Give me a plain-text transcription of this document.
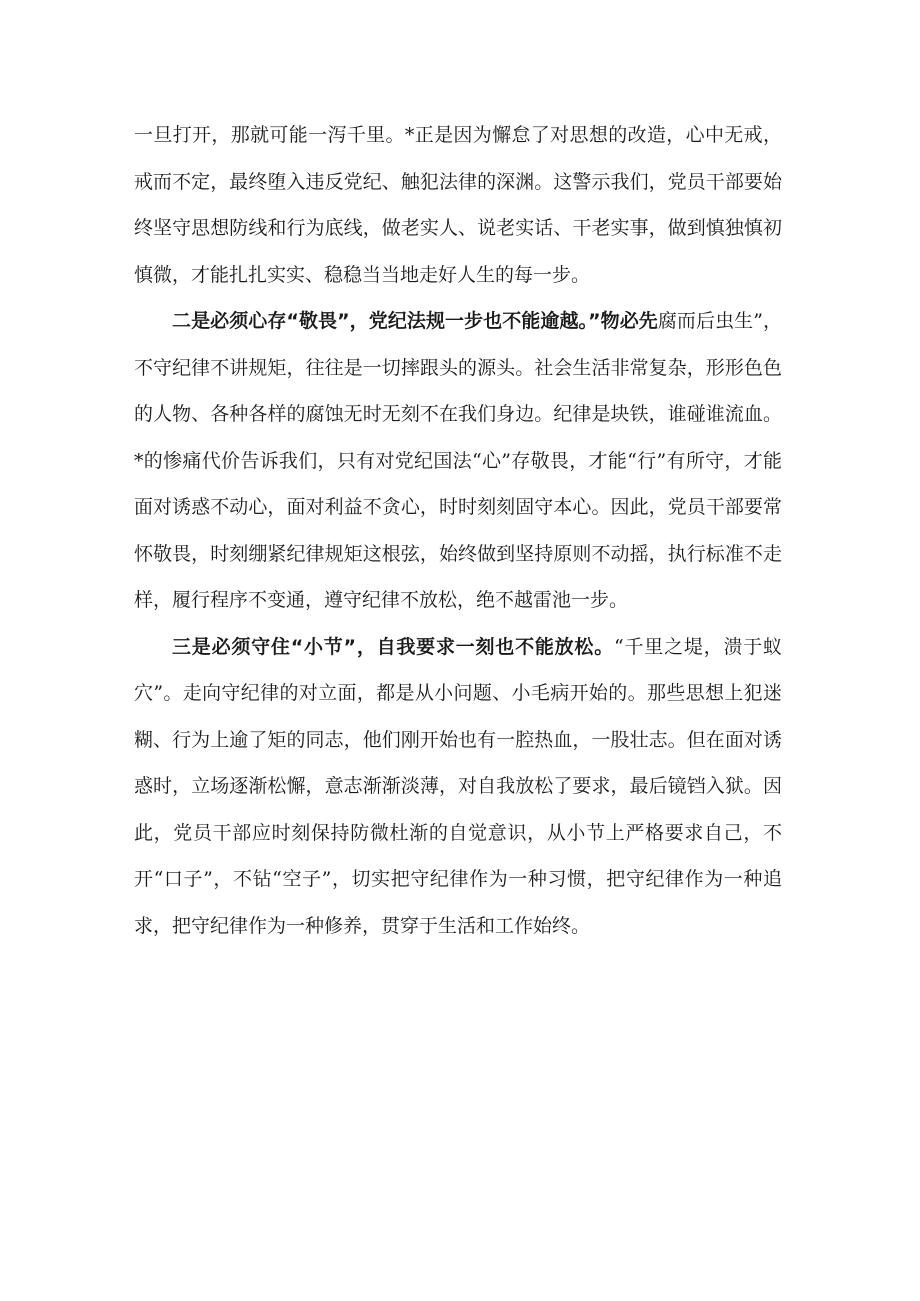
一旦打开，那就可能一泻千里。*正是因为懈怠了对思想的改造，心中无戒，戒而不定，最终堕入违反党纪、触犯法律的深渊。这警示我们，党员干部要始终坚守思想防线和行为底线，做老实人、说老实话、干老实事，做到慎独慎初慎微，才能扎扎实实、稳稳当当地走好人生的每一步。

二是必须心存“敬畏”，党纪法规一步也不能逾越。”物必先腐而后虫生”，不守纪律不讲规矩，往往是一切摔跟头的源头。社会生活非常复杂，形形色色的人物、各种各样的腐蚀无时无刻不在我们身边。纪律是块铁，谁碰谁流血。*的惨痛代价告诉我们，只有对党纪国法“心”存敬畏，才能“行”有所守，才能面对诱惑不动心，面对利益不贪心，时时刻刻固守本心。因此，党员干部要常怀敬畏，时刻绷紧纪律规矩这根弦，始终做到坚持原则不动摇，执行标准不走样，履行程序不变通，遵守纪律不放松，绝不越雷池一步。

三是必须守住“小节”，自我要求一刻也不能放松。“千里之堤，溃于蚁穴”。走向守纪律的对立面，都是从小问题、小毛病开始的。那些思想上犯迷糊、行为上逾了矩的同志，他们刚开始也有一腔热血，一股壮志。但在面对诱惑时，立场逐渐松懈，意志渐渐淡薄，对自我放松了要求，最后镜铛入狱。因此，党员干部应时刻保持防微杜渐的自觉意识，从小节上严格要求自己，不开“口子”，不钻“空子”，切实把守纪律作为一种习惯，把守纪律作为一种追求，把守纪律作为一种修养，贯穿于生活和工作始终。
